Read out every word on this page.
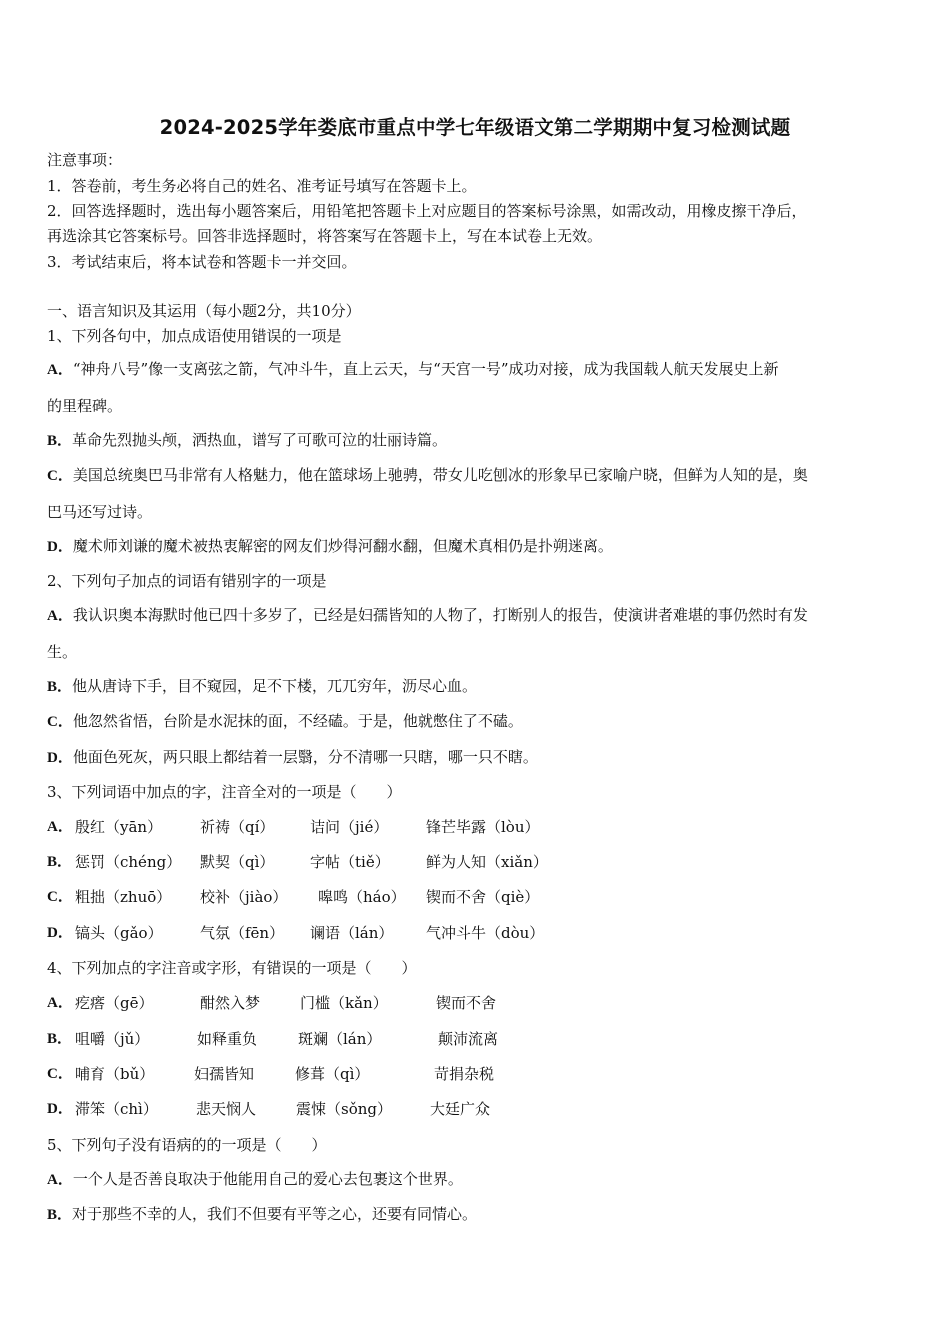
2024-2025学年娄底市重点中学七年级语文第二学期期中复习检测试题
注意事项：
1．答卷前，考生务必将自己的姓名、准考证号填写在答题卡上。
2．回答选择题时，选出每小题答案后，用铅笔把答题卡上对应题目的答案标号涂黑，如需改动，用橡皮擦干净后，
再选涂其它答案标号。回答非选择题时，将答案写在答题卡上，写在本试卷上无效。
3．考试结束后，将本试卷和答题卡一并交回。
一、语言知识及其运用（每小题2分，共10分）
1、下列各句中，加点成语使用错误的一项是
A．“神舟八号”像一支离弦之箭，气冲斗牛，直上云天，与“天宫一号”成功对接，成为我国载人航天发展史上新
的里程碑。
B．革命先烈抛头颅，洒热血，谱写了可歌可泣的壮丽诗篇。
C．美国总统奥巴马非常有人格魅力，他在篮球场上驰骋，带女儿吃刨冰的形象早已家喻户晓，但鲜为人知的是，奥
巴马还写过诗。
D．魔术师刘谦的魔术被热衷解密的网友们炒得河翻水翻，但魔术真相仍是扑朔迷离。
2、下列句子加点的词语有错别字的一项是
A．我认识奥本海默时他已四十多岁了，已经是妇孺皆知的人物了，打断别人的报告，使演讲者难堪的事仍然时有发
生。
B．他从唐诗下手，目不窥园，足不下楼，兀兀穷年，沥尽心血。
C．他忽然省悟，台阶是水泥抹的面，不经磕。于是，他就憋住了不磕。
D．他面色死灰，两只眼上都结着一层翳，分不清哪一只瞎，哪一只不瞎。
3、下列词语中加点的字，注音全对的一项是（　　）
A． 殷红（yān）	祈祷（qí） 诘问（jié）	锋芒毕露（lòu）
B． 惩罚（chéng） 默契（qì） 字帖（tiě） 鲜为人知（xiǎn）
C． 粗拙（zhuō） 校补（jiào） 嗥鸣（háo） 锲而不舍（qiè）
D． 镐头（gǎo） 气氛（fēn） 谰语（lán） 气冲斗牛（dòu）
4、下列加点的字注音或字形，有错误的一项是（　　）
A． 疙瘩（gē）	酣然入梦	门槛（kǎn）	锲而不舍
B． 咀嚼（jǔ）	如释重负	斑斓（lán）	颠沛流离
C． 哺育（bǔ）	妇孺皆知	修葺（qì）	苛捐杂税
D． 滞笨（chì）	悲天悯人	震悚（sǒng）	大廷广众
5、下列句子没有语病的的一项是（　　）
A．一个人是否善良取决于他能用自己的爱心去包裹这个世界。
B．对于那些不幸的人，我们不但要有平等之心，还要有同情心。
